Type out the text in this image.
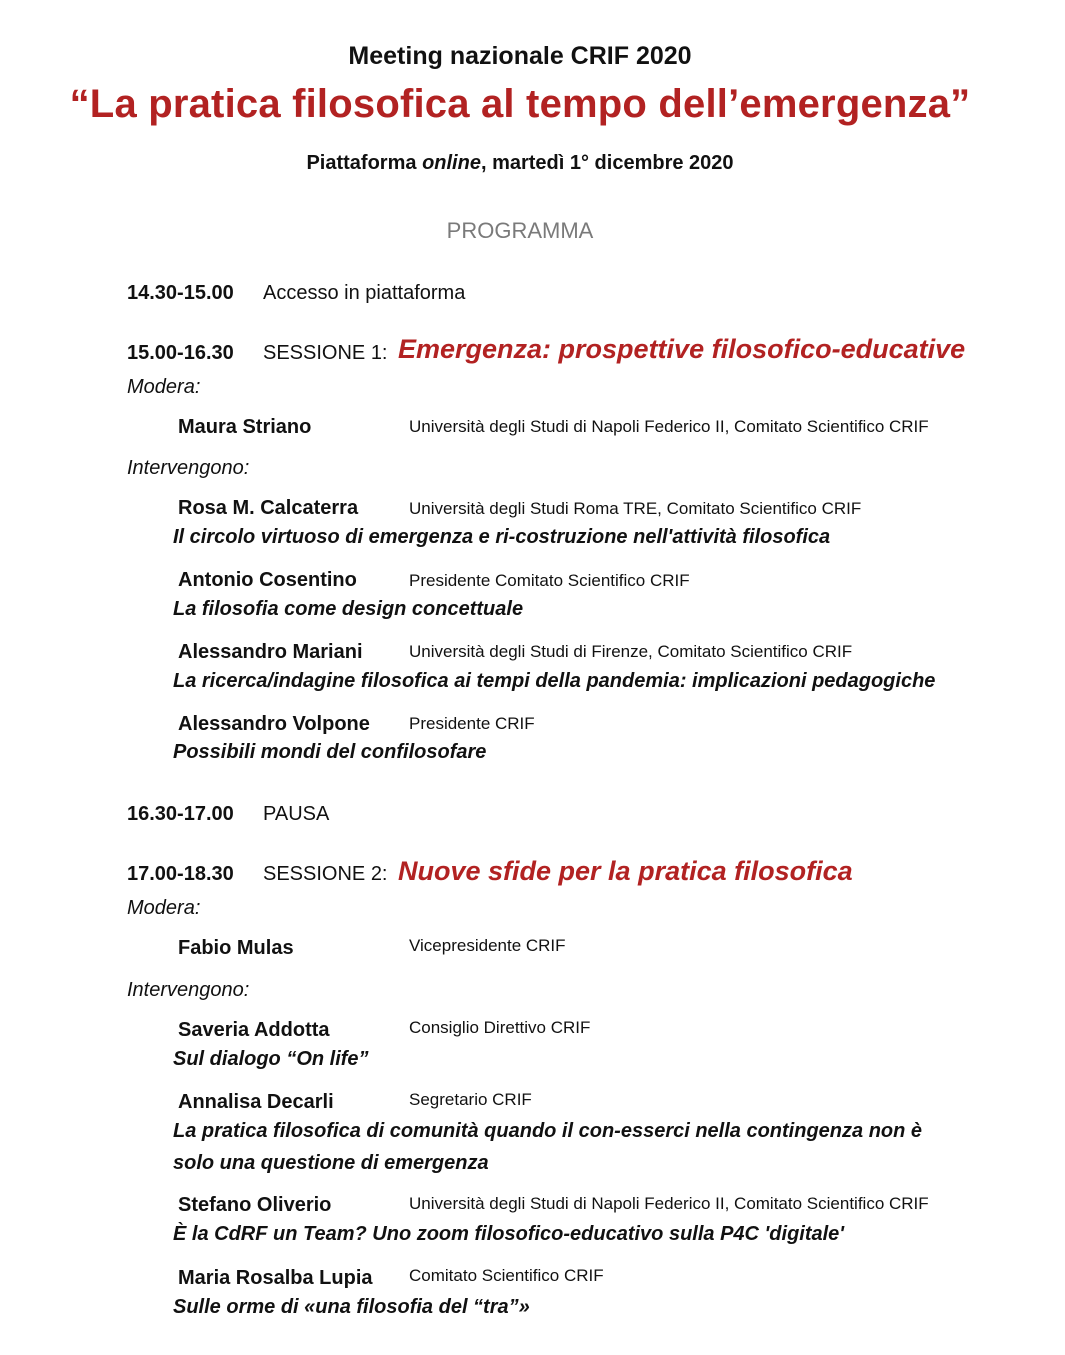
Meeting nazionale CRIF 2020
“La pratica filosofica al tempo dell’emergenza”
Piattaforma online, martedì 1° dicembre 2020
PROGRAMMA
14.30-15.00 Accesso in piattaforma
15.00-16.30 SESSIONE 1: Emergenza: prospettive filosofico-educative
Modera:
Maura Striano	Università degli Studi di Napoli Federico II, Comitato Scientifico CRIF
Intervengono:
Rosa M. Calcaterra	Università degli Studi Roma TRE, Comitato Scientifico CRIF
Il circolo virtuoso di emergenza e ri-costruzione nell'attività filosofica
Antonio Cosentino	Presidente Comitato Scientifico CRIF
La filosofia come design concettuale
Alessandro Mariani	Università degli Studi di Firenze, Comitato Scientifico CRIF
La ricerca/indagine filosofica ai tempi della pandemia: implicazioni pedagogiche
Alessandro Volpone Presidente CRIF
Possibili mondi del confilosofare
16.30-17.00 PAUSA
17.00-18.30 SESSIONE 2: Nuove sfide per la pratica filosofica
Modera:
Fabio Mulas	Vicepresidente CRIF
Intervengono:
Saveria Addotta	Consiglio Direttivo CRIF
Sul dialogo “On life”
Annalisa Decarli	Segretario CRIF
La pratica filosofica di comunità quando il con-esserci nella contingenza non è
solo una questione di emergenza
Stefano Oliverio	Università degli Studi di Napoli Federico II, Comitato Scientifico CRIF
È la CdRF un Team? Uno zoom filosofico-educativo sulla P4C 'digitale'
Maria Rosalba Lupia Comitato Scientifico CRIF
Sulle orme di «una filosofia del “tra”»
